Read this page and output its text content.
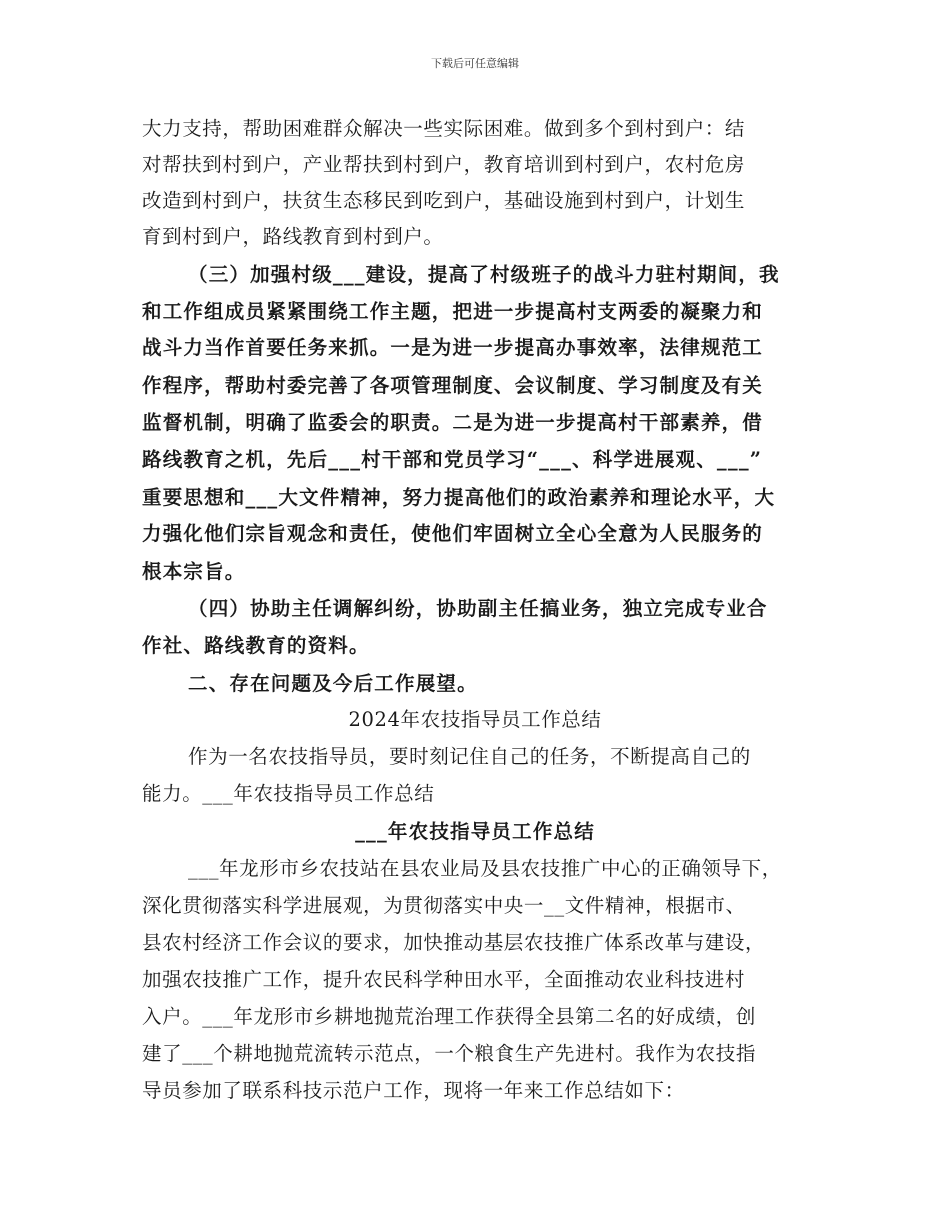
下载后可任意编辑
大力支持，帮助困难群众解决一些实际困难。做到多个到村到户：结
对帮扶到村到户，产业帮扶到村到户，教育培训到村到户，农村危房
改造到村到户，扶贫生态移民到吃到户，基础设施到村到户，计划生
育到村到户，路线教育到村到户。
（三）加强村级___建设，提高了村级班子的战斗力驻村期间，我
和工作组成员紧紧围绕工作主题，把进一步提高村支两委的凝聚力和
战斗力当作首要任务来抓。一是为进一步提高办事效率，法律规范工
作程序，帮助村委完善了各项管理制度、会议制度、学习制度及有关
监督机制，明确了监委会的职责。二是为进一步提高村干部素养，借
路线教育之机，先后___村干部和党员学习“___、科学进展观、___”
重要思想和___大文件精神，努力提高他们的政治素养和理论水平，大
力强化他们宗旨观念和责任，使他们牢固树立全心全意为人民服务的
根本宗旨。
（四）协助主任调解纠纷，协助副主任搞业务，独立完成专业合
作社、路线教育的资料。
二、存在问题及今后工作展望。
2024年农技指导员工作总结
作为一名农技指导员，要时刻记住自己的任务，不断提高自己的
能力。___年农技指导员工作总结
___年农技指导员工作总结
___年龙形市乡农技站在县农业局及县农技推广中心的正确领导下，
深化贯彻落实科学进展观，为贯彻落实中央一__文件精神，根据市、
县农村经济工作会议的要求，加快推动基层农技推广体系改革与建设，
加强农技推广工作，提升农民科学种田水平，全面推动农业科技进村
入户。___年龙形市乡耕地抛荒治理工作获得全县第二名的好成绩，创
建了___个耕地抛荒流转示范点，一个粮食生产先进村。我作为农技指
导员参加了联系科技示范户工作，现将一年来工作总结如下：
